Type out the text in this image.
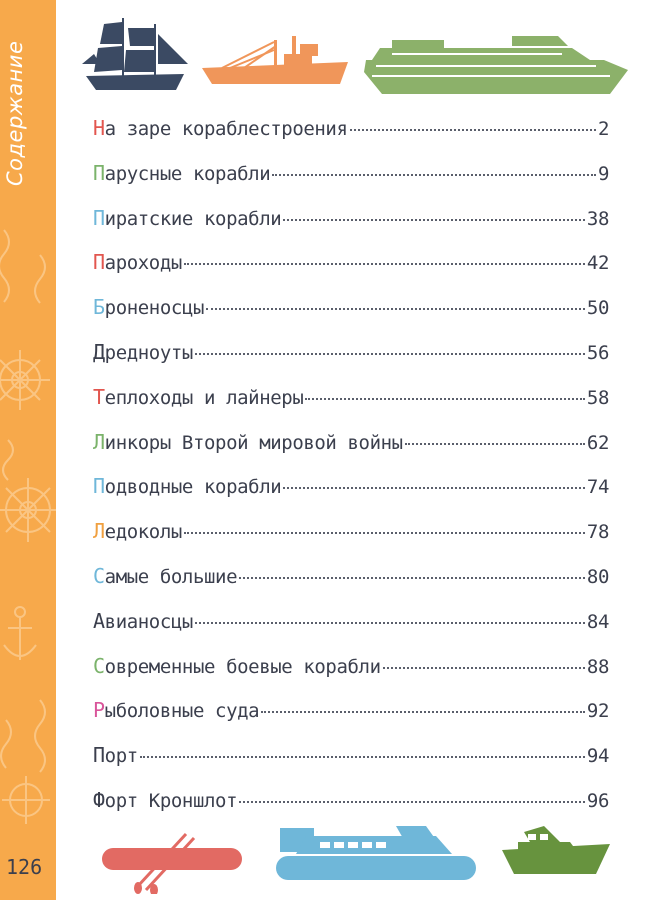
Содержание
126
На заре кораблестроения	2
Парусные корабли	9
Пиратские корабли	38
Пароходы	42
Броненосцы	50
Дредноуты	56
Теплоходы и лайнеры	58
Линкоры Второй мировой войны	62
Подводные корабли	74
Ледоколы	78
Самые большие	80
Авианосцы	84
Современные боевые корабли	88
Рыболовные суда	92
Порт	94
Форт Кроншлот	96
